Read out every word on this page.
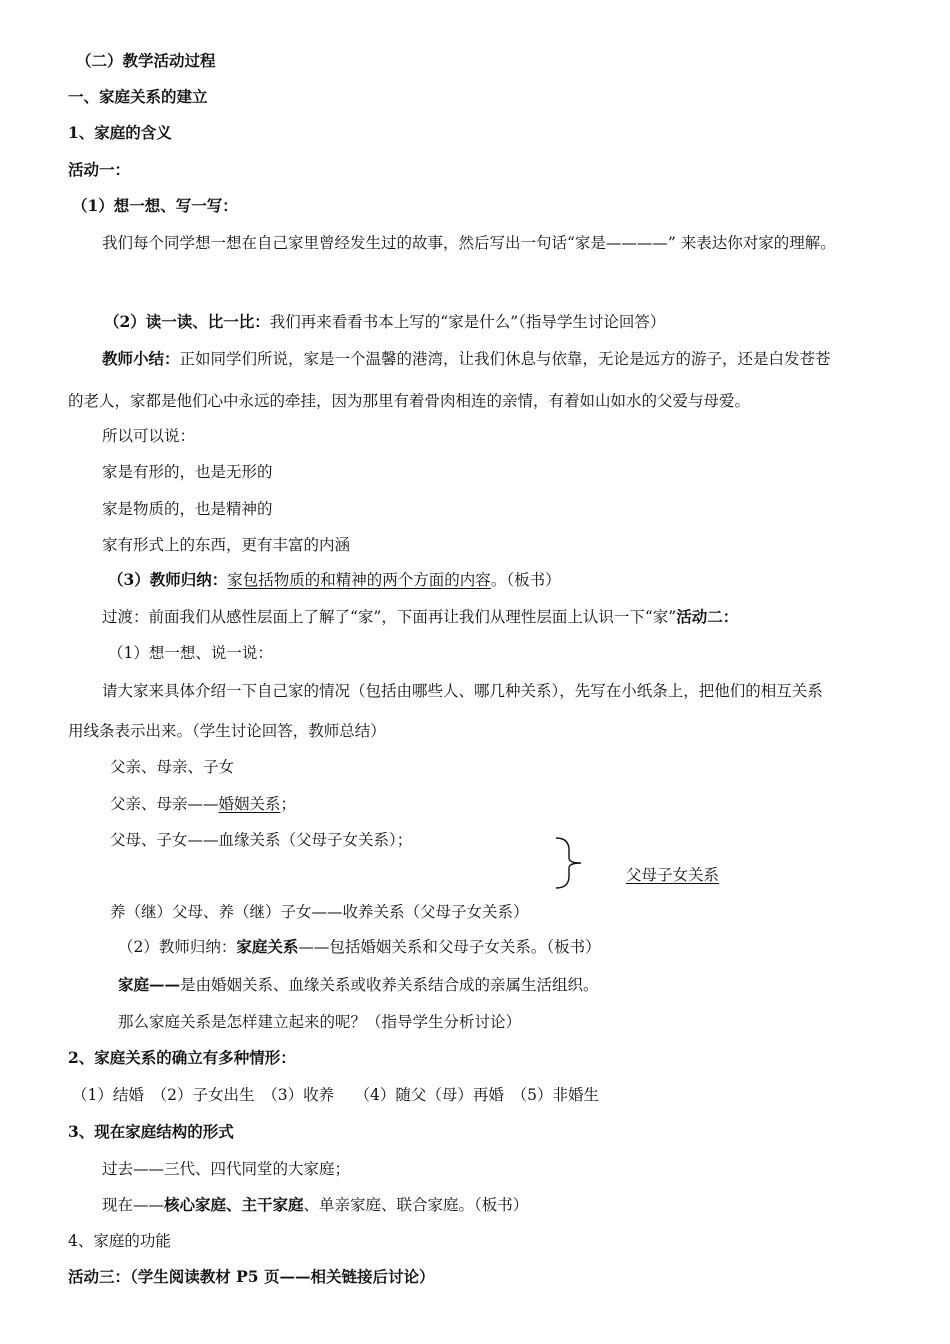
（二）教学活动过程
一、家庭关系的建立
1、家庭的含义
活动一：
（1）想一想、写一写：
我们每个同学想一想在自己家里曾经发生过的故事，然后写出一句话“家是————” 来表达你对家的理解。
（2）读一读、比一比：我们再来看看书本上写的“家是什么”（指导学生讨论回答）
教师小结：正如同学们所说，家是一个温馨的港湾，让我们休息与依靠，无论是远方的游子，还是白发苍苍
的老人，家都是他们心中永远的牵挂，因为那里有着骨肉相连的亲情，有着如山如水的父爱与母爱。
所以可以说：
家是有形的，也是无形的
家是物质的，也是精神的
家有形式上的东西，更有丰富的内涵
（3）教师归纳：家包括物质的和精神的两个方面的内容。（板书）
过渡：前面我们从感性层面上了解了“家”，下面再让我们从理性层面上认识一下“家”活动二：
（1）想一想、说一说：
请大家来具体介绍一下自己家的情况（包括由哪些人、哪几种关系），先写在小纸条上，把他们的相互关系
用线条表示出来。（学生讨论回答，教师总结）
父亲、母亲、子女
父亲、母亲——婚姻关系；
父母、子女——血缘关系（父母子女关系）；
父母子女关系
养（继）父母、养（继）子女——收养关系（父母子女关系）
（2）教师归纳：家庭关系——包括婚姻关系和父母子女关系。（板书）
家庭——是由婚姻关系、血缘关系或收养关系结合成的亲属生活组织。
那么家庭关系是怎样建立起来的呢？（指导学生分析讨论）
2、家庭关系的确立有多种情形：
（1）结婚　（2）子女出生　（3）收养　 （4）随父（母）再婚　（5）非婚生
3、现在家庭结构的形式
过去——三代、四代同堂的大家庭；
现在——核心家庭、主干家庭、单亲家庭、联合家庭。（板书）
4、家庭的功能
活动三：（学生阅读教材 P5 页——相关链接后讨论）
